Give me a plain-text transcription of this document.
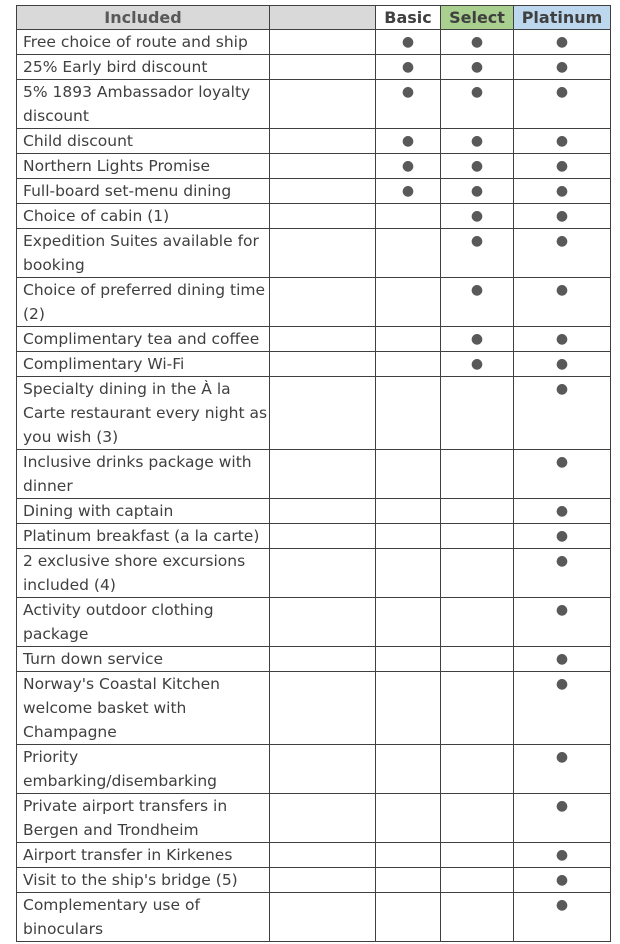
Included		Basic	Select	Platinum
Free choice of route and ship		●	●	●
25% Early bird discount		●	●	●
5% 1893 Ambassador loyalty discount		●	●	●
Child discount		●	●	●
Northern Lights Promise		●	●	●
Full-board set-menu dining		●	●	●
Choice of cabin (1)			●	●
Expedition Suites available for booking			●	●
Choice of preferred dining time (2)			●	●
Complimentary tea and coffee			●	●
Complimentary Wi-Fi			●	●
Specialty dining in the À la Carte restaurant every night as you wish (3)				●
Inclusive drinks package with dinner				●
Dining with captain				●
Platinum breakfast (a la carte)				●
2 exclusive shore excursions included (4)				●
Activity outdoor clothing package				●
Turn down service				●
Norway's Coastal Kitchen welcome basket with Champagne				●
Priority embarking/disembarking				●
Private airport transfers in Bergen and Trondheim				●
Airport transfer in Kirkenes				●
Visit to the ship's bridge (5)				●
Complementary use of binoculars				●
